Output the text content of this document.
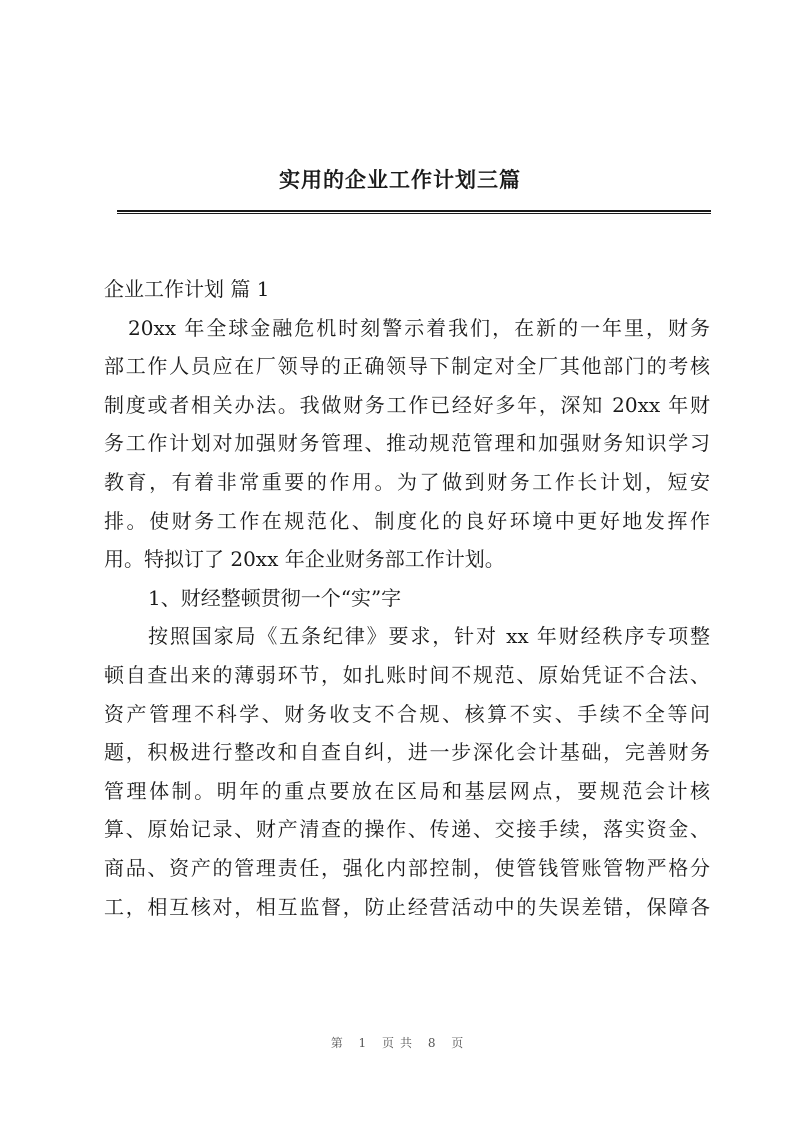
实用的企业工作计划三篇
企业工作计划 篇 1
20xx 年全球金融危机时刻警示着我们，在新的一年里，财务
部工作人员应在厂领导的正确领导下制定对全厂其他部门的考核
制度或者相关办法。我做财务工作已经好多年，深知 20xx 年财
务工作计划对加强财务管理、推动规范管理和加强财务知识学习
教育，有着非常重要的作用。为了做到财务工作长计划，短安
排。使财务工作在规范化、制度化的良好环境中更好地发挥作
用。特拟订了 20xx 年企业财务部工作计划。
1、财经整顿贯彻一个“实”字
按照国家局《五条纪律》要求，针对 xx 年财经秩序专项整
顿自查出来的薄弱环节，如扎账时间不规范、原始凭证不合法、
资产管理不科学、财务收支不合规、核算不实、手续不全等问
题，积极进行整改和自查自纠，进一步深化会计基础，完善财务
管理体制。明年的重点要放在区局和基层网点，要规范会计核
算、原始记录、财产清查的操作、传递、交接手续，落实资金、
商品、资产的管理责任，强化内部控制，使管钱管账管物严格分
工，相互核对，相互监督，防止经营活动中的失误差错，保障各
第 1 页共 8 页
